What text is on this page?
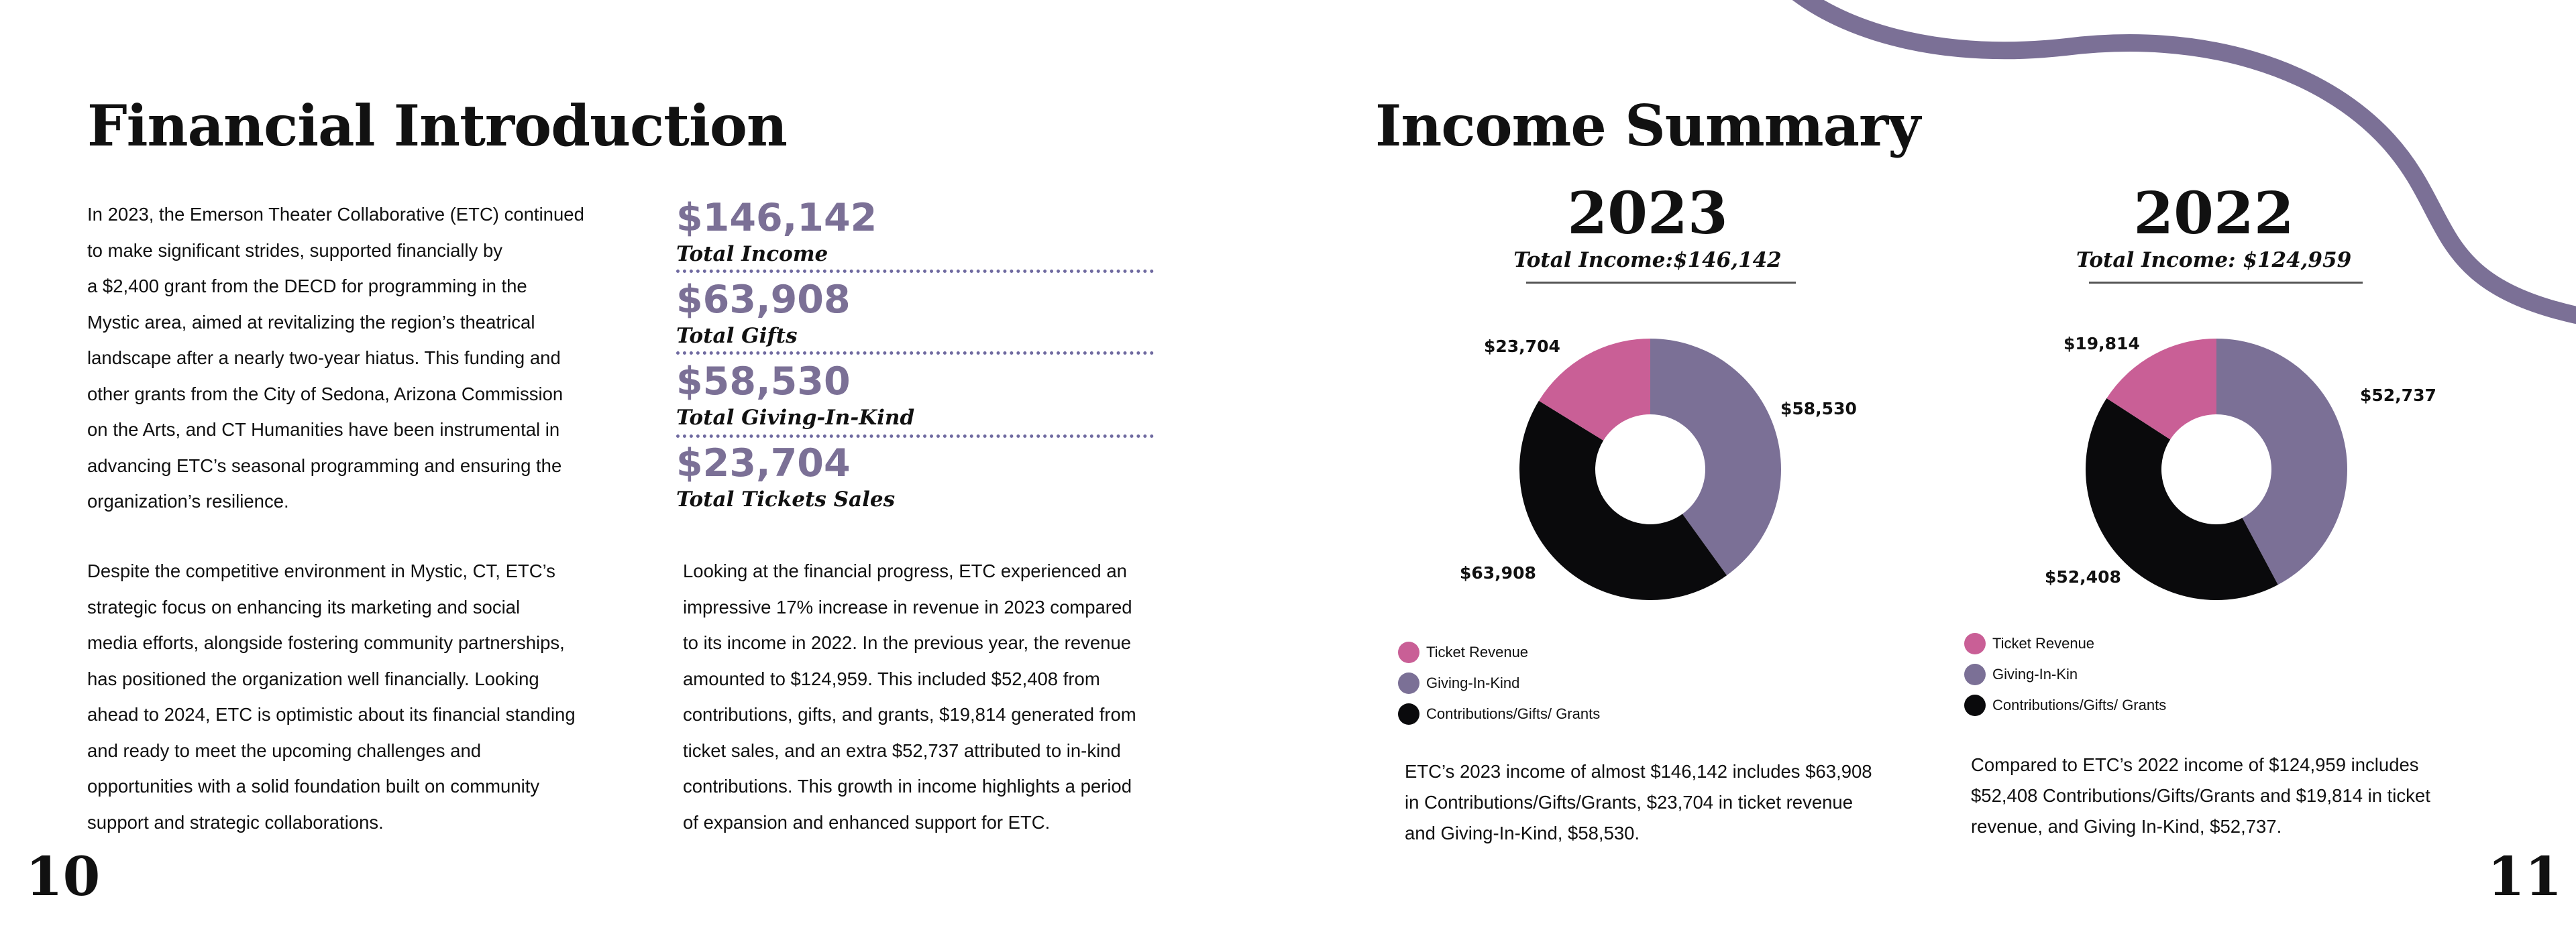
Financial Introduction
In 2023, the Emerson Theater Collaborative (ETC) continued
to make significant strides, supported financially by
a $2,400 grant from the DECD for programming in the
Mystic area, aimed at revitalizing the region’s theatrical
landscape after a nearly two-year hiatus. This funding and
other grants from the City of Sedona, Arizona Commission
on the Arts, and CT Humanities have been instrumental in
advancing ETC’s seasonal programming and ensuring the
organization’s resilience.
Despite the competitive environment in Mystic, CT, ETC’s
strategic focus on enhancing its marketing and social
media efforts, alongside fostering community partnerships,
has positioned the organization well financially. Looking
ahead to 2024, ETC is optimistic about its financial standing
and ready to meet the upcoming challenges and
opportunities with a solid foundation built on community
support and strategic collaborations.
$146,142
Total Income
$63,908
Total Gifts
$58,530
Total Giving-In-Kind
$23,704
Total Tickets Sales
Looking at the financial progress, ETC experienced an
impressive 17% increase in revenue in 2023 compared
to its income in 2022. In the previous year, the revenue
amounted to $124,959. This included $52,408 from
contributions, gifts, and grants, $19,814 generated from
ticket sales, and an extra $52,737 attributed to in-kind
contributions. This growth in income highlights a period
of expansion and enhanced support for ETC.
10
Income Summary
2023
Total Income:$146,142
$23,704
$58,530
$63,908
Ticket Revenue
Giving-In-Kind
Contributions/Gifts/ Grants
ETC’s 2023 income of almost $146,142 includes $63,908
in Contributions/Gifts/Grants, $23,704 in ticket revenue
and Giving-In-Kind, $58,530.
2022
Total Income: $124,959
$19,814
$52,737
$52,408
Ticket Revenue
Giving-In-Kin
Contributions/Gifts/ Grants
Compared to ETC’s 2022 income of $124,959 includes
$52,408 Contributions/Gifts/Grants and $19,814 in ticket
revenue, and Giving In-Kind, $52,737.
11
